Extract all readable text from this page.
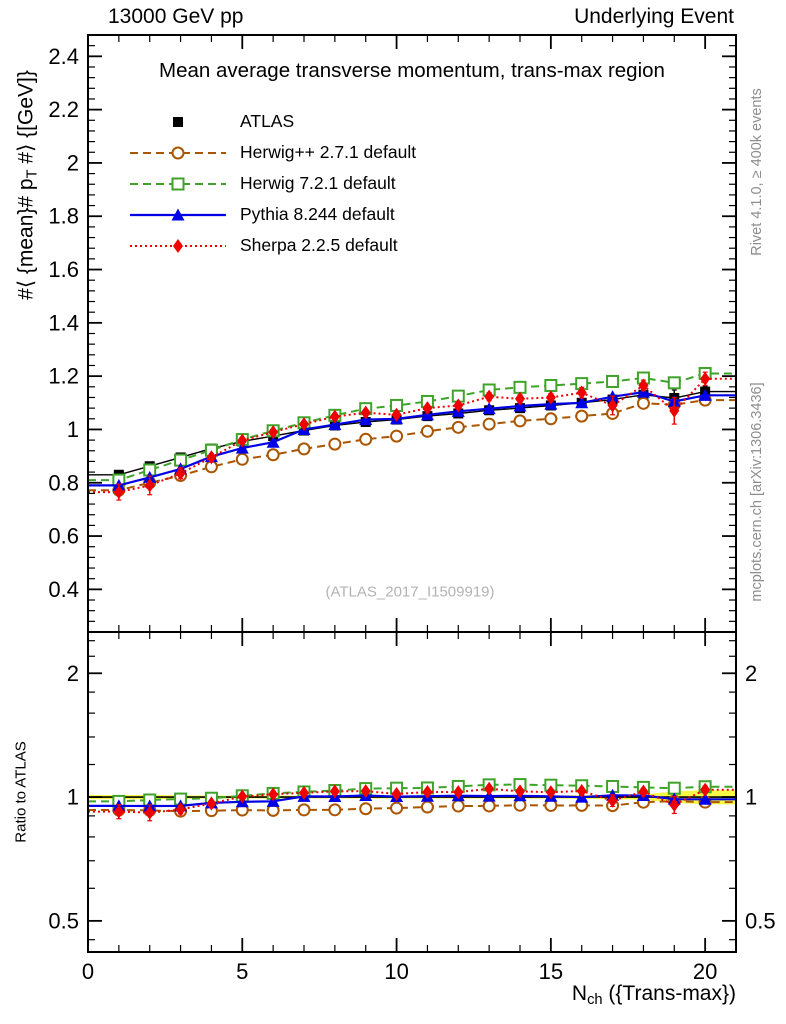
13000 GeV pp	Underlying Event
0.4
0.6
0.8
1
1.2
1.4
1.6
1.8
2
2.2
2.4
0.5	0.5
1	1
2	2
0	5	10	15	20
Mean average transverse momentum, trans-max region
ATLAS
Herwig++ 2.7.1 default
Herwig 7.2.1 default
Pythia 8.244 default
Sherpa 2.2.5 default
#⟨ {mean}# $p_T$ #⟩ {[GeV]}
Ratio to ATLAS
$N_{ch}$ ({Trans-max})
Rivet 4.1.0, ≥ 400k events
mcplots.cern.ch [arXiv:1306.3436]
(ATLAS_2017_I1509919)
